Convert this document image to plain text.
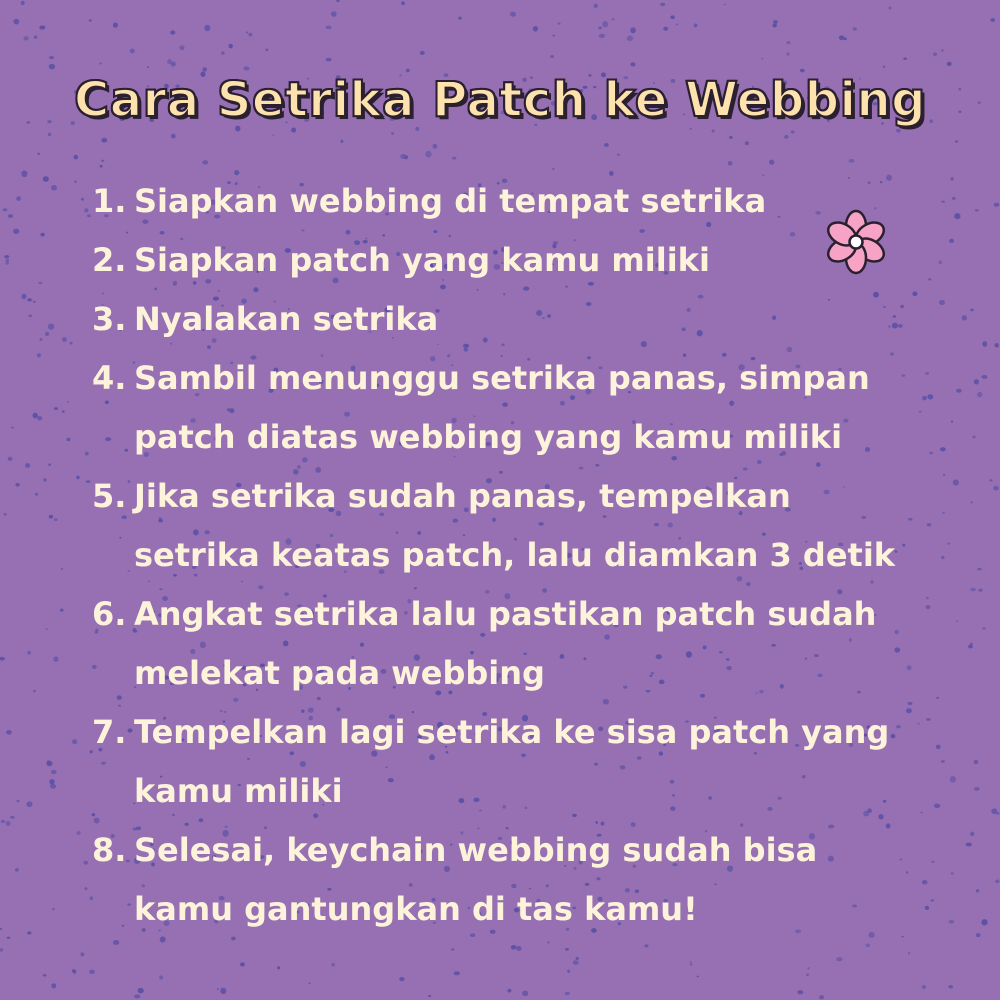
Cara Setrika Patch ke Webbing
1. Siapkan webbing di tempat setrika
2. Siapkan patch yang kamu miliki
3. Nyalakan setrika
4. Sambil menunggu setrika panas, simpan patch diatas webbing yang kamu miliki
5. Jika setrika sudah panas, tempelkan setrika keatas patch, lalu diamkan 3 detik
6. Angkat setrika lalu pastikan patch sudah melekat pada webbing
7. Tempelkan lagi setrika ke sisa patch yang kamu miliki
8. Selesai, keychain webbing sudah bisa kamu gantungkan di tas kamu!
